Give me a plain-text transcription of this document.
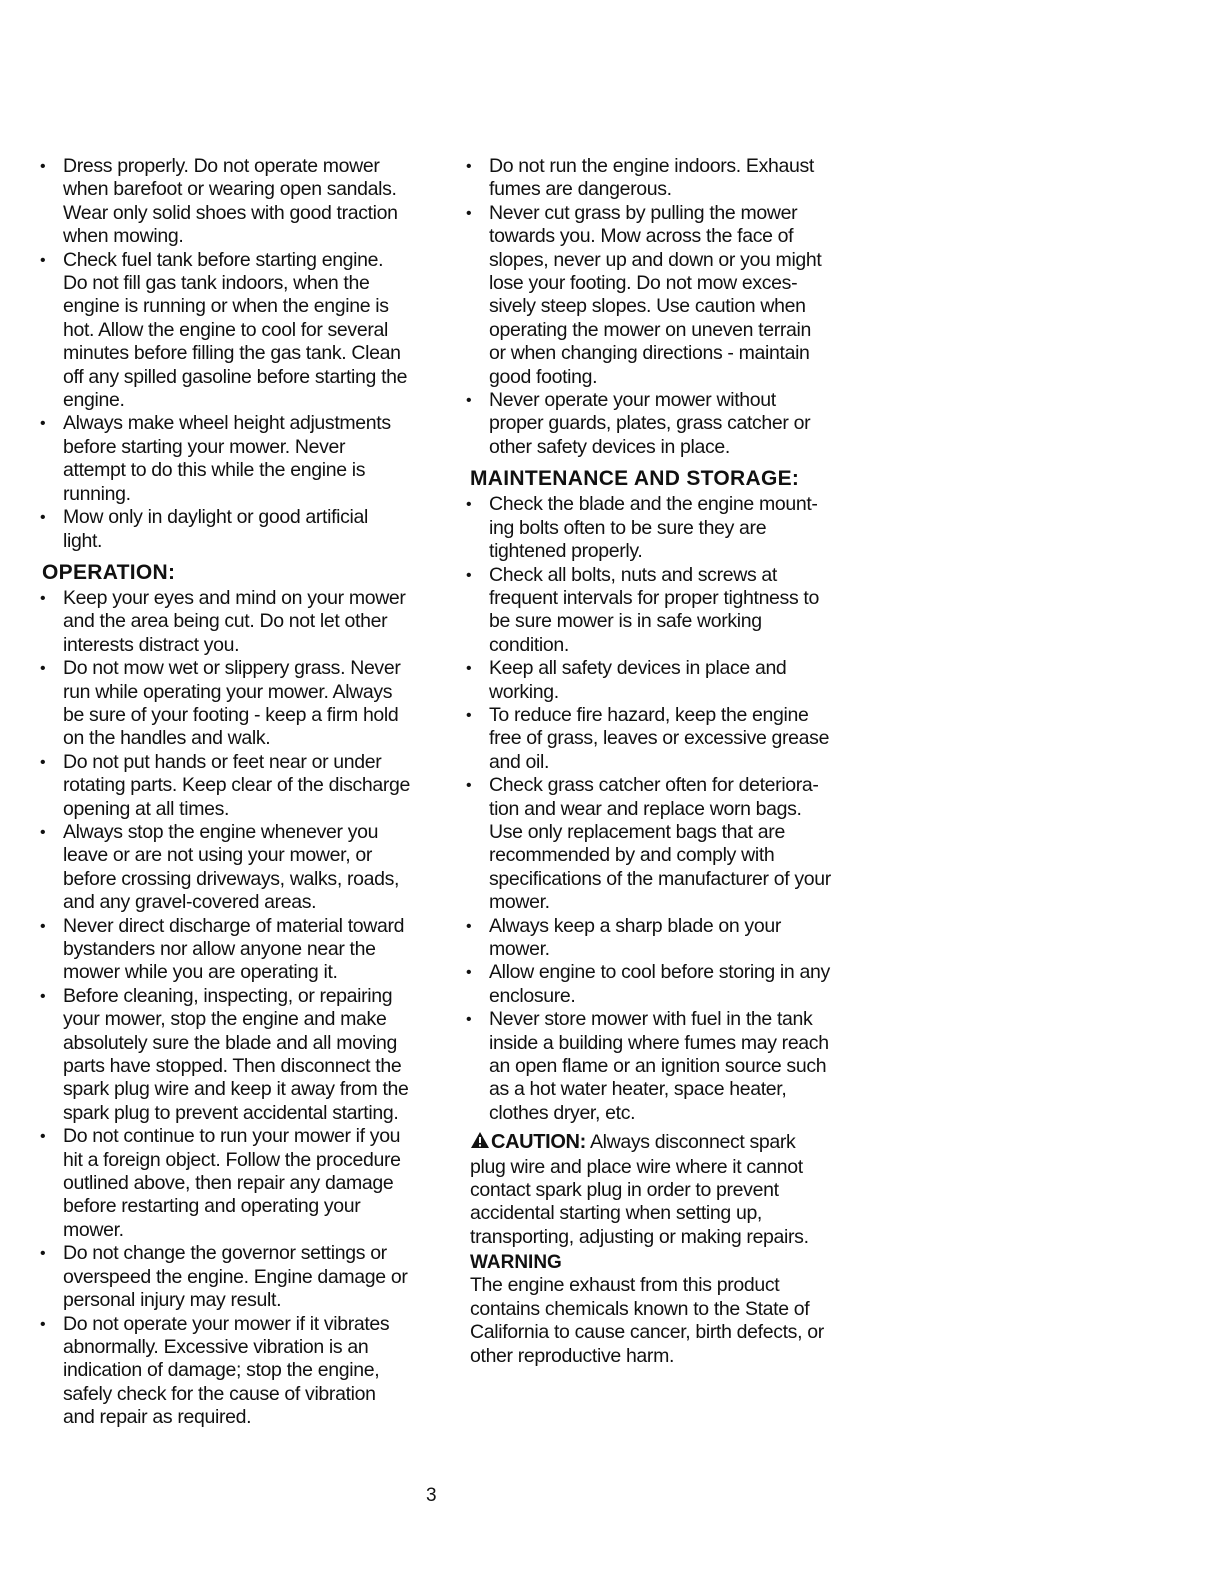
• Dress properly. Do not operate mower
when barefoot or wearing open sandals.
Wear only solid shoes with good traction
when mowing.
• Check fuel tank before starting engine.
Do not fill gas tank indoors, when the
engine is running or when the engine is
hot. Allow the engine to cool for several
minutes before filling the gas tank. Clean
off any spilled gasoline before starting the
engine.
• Always make wheel height adjustments
before starting your mower. Never
attempt to do this while the engine is
running.
• Mow only in daylight or good artificial
light.
OPERATION:
• Keep your eyes and mind on your mower
and the area being cut. Do not let other
interests distract you.
• Do not mow wet or slippery grass. Never
run while operating your mower. Always
be sure of your footing - keep a firm hold
on the handles and walk.
• Do not put hands or feet near or under
rotating parts. Keep clear of the discharge
opening at all times.
• Always stop the engine whenever you
leave or are not using your mower, or
before crossing driveways, walks, roads,
and any gravel-covered areas.
• Never direct discharge of material toward
bystanders nor allow anyone near the
mower while you are operating it.
• Before cleaning, inspecting, or repairing
your mower, stop the engine and make
absolutely sure the blade and all moving
parts have stopped. Then disconnect the
spark plug wire and keep it away from the
spark plug to prevent accidental starting.
• Do not continue to run your mower if you
hit a foreign object. Follow the procedure
outlined above, then repair any damage
before restarting and operating your
mower.
• Do not change the governor settings or
overspeed the engine. Engine damage or
personal injury may result.
• Do not operate your mower if it vibrates
abnormally. Excessive vibration is an
indication of damage; stop the engine,
safely check for the cause of vibration
and repair as required.
• Do not run the engine indoors. Exhaust
fumes are dangerous.
• Never cut grass by pulling the mower
towards you. Mow across the face of
slopes, never up and down or you might
lose your footing. Do not mow exces-
sively steep slopes. Use caution when
operating the mower on uneven terrain
or when changing directions - maintain
good footing.
• Never operate your mower without
proper guards, plates, grass catcher or
other safety devices in place.
MAINTENANCE AND STORAGE:
• Check the blade and the engine mount-
ing bolts often to be sure they are
tightened properly.
• Check all bolts, nuts and screws at
frequent intervals for proper tightness to
be sure mower is in safe working
condition.
• Keep all safety devices in place and
working.
• To reduce fire hazard, keep the engine
free of grass, leaves or excessive grease
and oil.
• Check grass catcher often for deteriora-
tion and wear and replace worn bags.
Use only replacement bags that are
recommended by and comply with
specifications of the manufacturer of your
mower.
• Always keep a sharp blade on your
mower.
• Allow engine to cool before storing in any
enclosure.
• Never store mower with fuel in the tank
inside a building where fumes may reach
an open flame or an ignition source such
as a hot water heater, space heater,
clothes dryer, etc.
CAUTION: Always disconnect spark
plug wire and place wire where it cannot
contact spark plug in order to prevent
accidental starting when setting up,
transporting, adjusting or making repairs.
WARNING
The engine exhaust from this product
contains chemicals known to the State of
California to cause cancer, birth defects, or
other reproductive harm.
3
